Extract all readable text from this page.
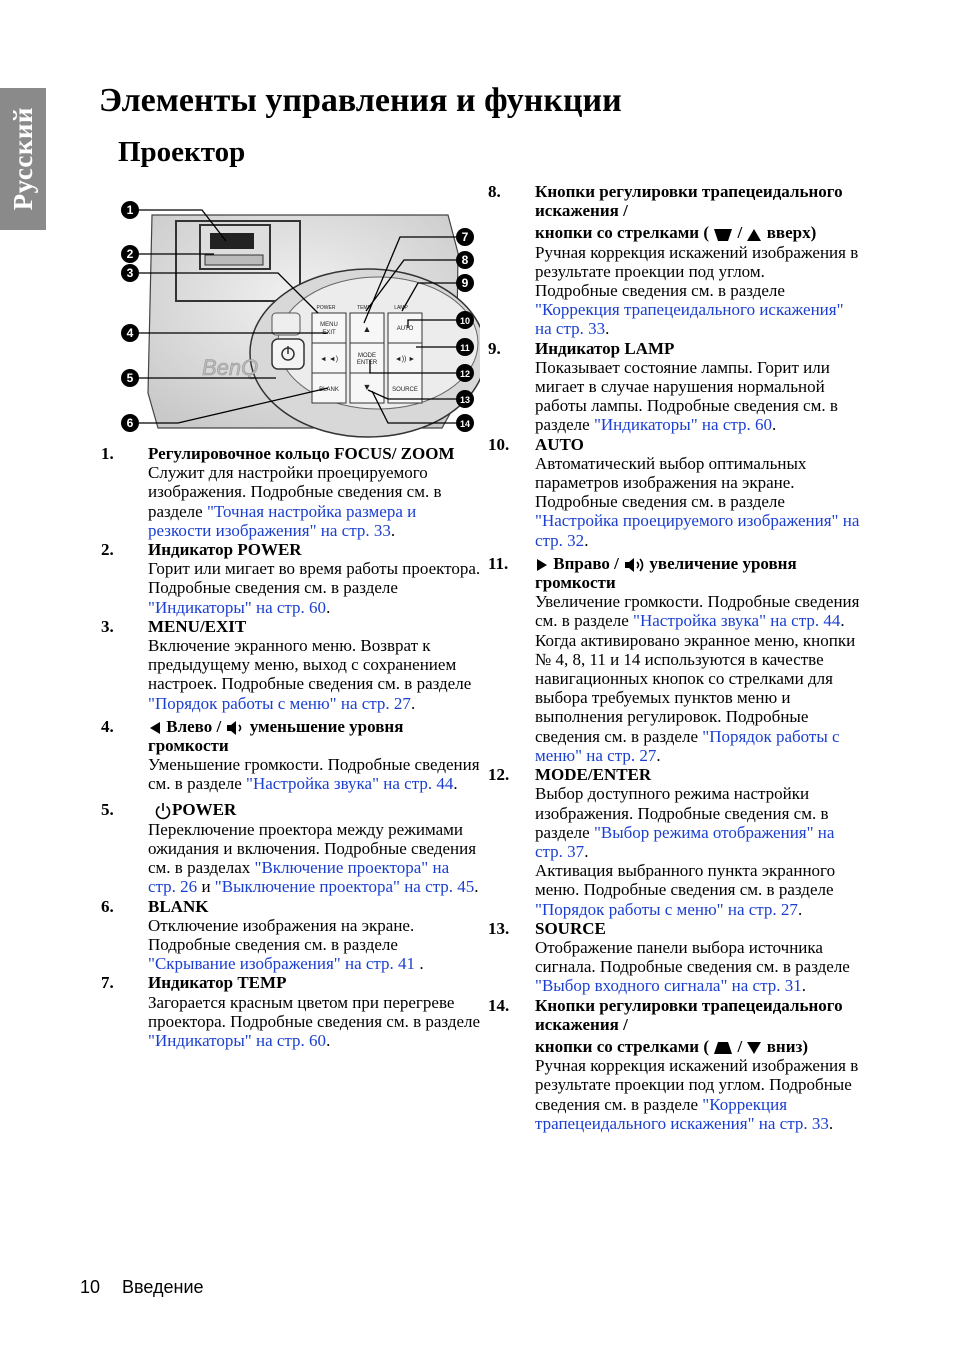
Русский
Элементы управления и функции
Проектор
BenQ
MENU
EXIT	▲	AUTO
◄ ◄)	MODE
ENTER	◄)) ►
BLANK	▼	SOURCE
POWER	TEMP	LAMP
1
2
3
4
5
6
7
8
9
10
11
12
13
14
1. Регулировочное кольцо FOCUS/ ZOOM
Служит для настройки проецируемого изображения. Подробные сведения см. в разделе "Точная настройка размера и резкости изображения" на стр. 33.
2. Индикатор POWER
Горит или мигает во время работы проектора. Подробные сведения см. в разделе "Индикаторы" на стр. 60.
3. MENU/EXIT
Включение экранного меню. Возврат к предыдущему меню, выход с сохранением настроек. Подробные сведения см. в разделе "Порядок работы с меню" на стр. 27.
4.	Влево / уменьшение уровня громкости
Уменьшение громкости. Подробные сведения см. в разделе "Настройка звука" на стр. 44.
5.	POWER
Переключение проектора между режимами ожидания и включения. Подробные сведения см. в разделах "Включение проектора" на стр. 26 и "Выключение проектора" на стр. 45.
6. BLANK
Отключение изображения на экране. Подробные сведения см. в разделе "Скрывание изображения" на стр. 41 .
7. Индикатор TEMP
Загорается красным цветом при перегреве проектора. Подробные сведения см. в разделе "Индикаторы" на стр. 60.
8. Кнопки регулировки трапецеидального искажения /
кнопки со стрелками ( / вверх)
Ручная коррекция искажений изображения в результате проекции под углом.
Подробные сведения см. в разделе "Коррекция трапецеидального искажения" на стр. 33.
9. Индикатор LAMP
Показывает состояние лампы. Горит или мигает в случае нарушения нормальной работы лампы. Подробные сведения см. в разделе "Индикаторы" на стр. 60.
10. AUTO
Автоматический выбор оптимальных параметров изображения на экране. Подробные сведения см. в разделе "Настройка проецируемого изображения" на стр. 32.
11.	Вправо / увеличение уровня громкости
Увеличение громкости. Подробные сведения см. в разделе "Настройка звука" на стр. 44.
Когда активировано экранное меню, кнопки № 4, 8, 11 и 14 используются в качестве навигационных кнопок со стрелками для выбора требуемых пунктов меню и выполнения регулировок. Подробные сведения см. в разделе "Порядок работы с меню" на стр. 27.
12. MODE/ENTER
Выбор доступного режима настройки изображения. Подробные сведения см. в разделе "Выбор режима отображения" на стр. 37.
Активация выбранного пункта экранного меню. Подробные сведения см. в разделе "Порядок работы с меню" на стр. 27.
13. SOURCE
Отображение панели выбора источника сигнала. Подробные сведения см. в разделе "Выбор входного сигнала" на стр. 31.
14. Кнопки регулировки трапецеидального искажения /
кнопки со стрелками ( / вниз)
Ручная коррекция искажений изображения в результате проекции под углом. Подробные сведения см. в разделе "Коррекция трапецеидального искажения" на стр. 33.
10 Введение
